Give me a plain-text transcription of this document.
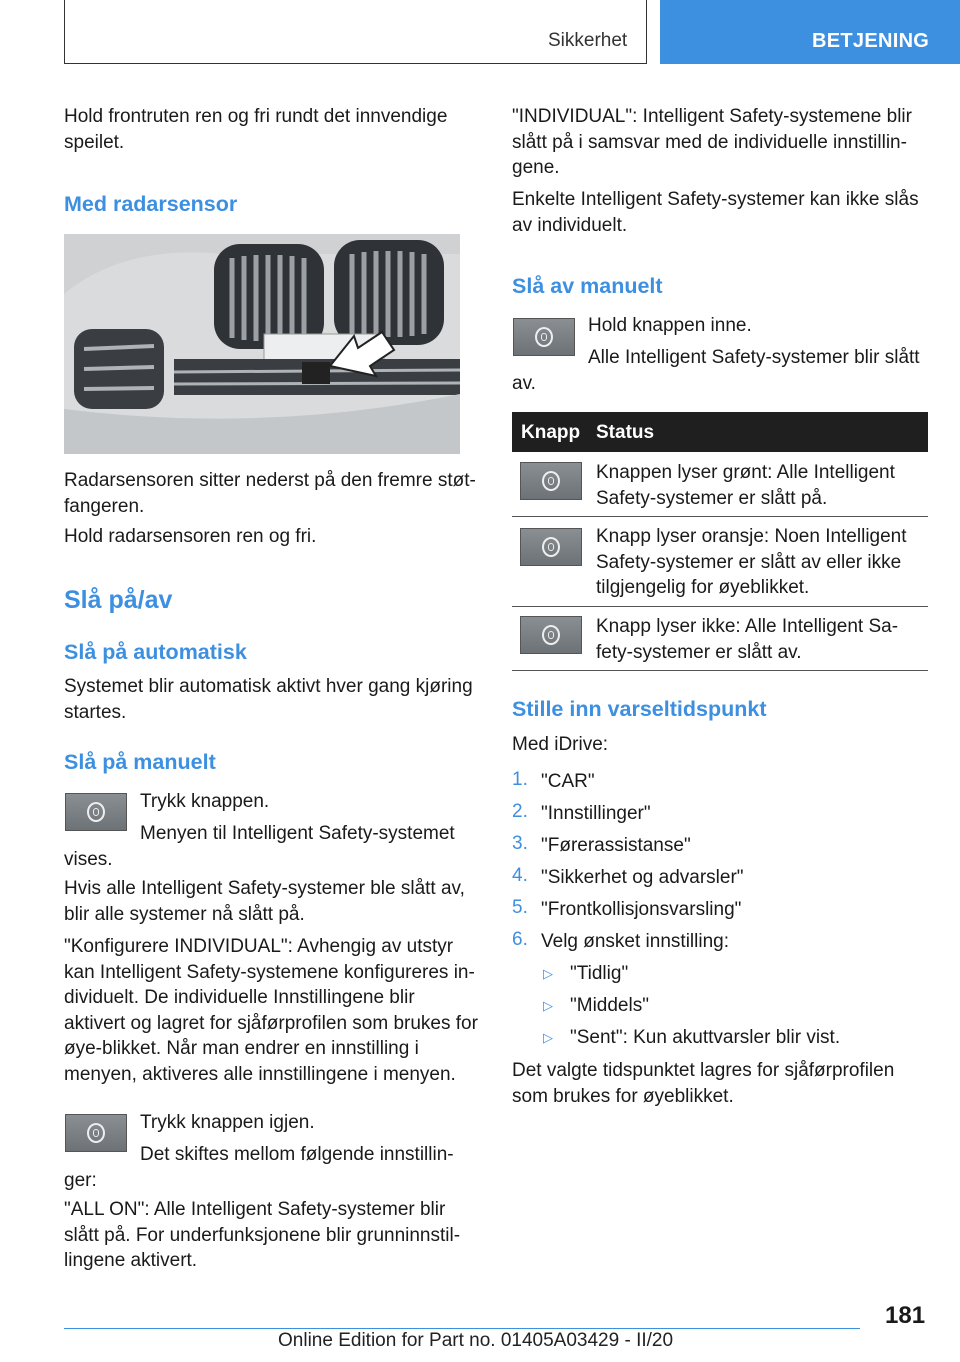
Sikkerhet	BETJENING

Hold frontruten ren og fri rundt det innvendige speilet.

Med radarsensor

Radarsensoren sitter nederst på den fremre støt-fangeren.

Hold radarsensoren ren og fri.

Slå på/av
Slå på automatisk

Systemet blir automatisk aktivt hver gang kjøring startes.

Slå på manuelt

Trykk knappen.

Menyen til Intelligent Safety-systemet vises.

Hvis alle Intelligent Safety-systemer ble slått av, blir alle systemer nå slått på.

"Konfigurere INDIVIDUAL": Avhengig av utstyr kan Intelligent Safety-systemene konfigureres in-dividuelt. De individuelle Innstillingene blir aktivert og lagret for sjåførprofilen som brukes for øye-blikket. Når man endrer en innstilling i menyen, aktiveres alle innstillingene i menyen.

Trykk knappen igjen.

Det skiftes mellom følgende innstillin-ger:

"ALL ON": Alle Intelligent Safety-systemer blir slått på. For underfunksjonene blir grunninnstil-lingene aktivert.

"INDIVIDUAL": Intelligent Safety-systemene blir slått på i samsvar med de individuelle innstillin-gene.

Enkelte Intelligent Safety-systemer kan ikke slås av individuelt.

Slå av manuelt

Hold knappen inne.

Alle Intelligent Safety-systemer blir slått av.

Knapp Status

Knappen lyser grønt: Alle Intelligent Safety-systemer er slått på.

Knapp lyser oransje: Noen Intelligent Safety-systemer er slått av eller ikke tilgjengelig for øyeblikket.

Knapp lyser ikke: Alle Intelligent Sa-fety-systemer er slått av.

Stille inn varseltidspunkt

Med iDrive:

1. "CAR"
2. "Innstillinger"
3. "Førerassistanse"
4. "Sikkerhet og advarsler"
5. "Frontkollisjonsvarsling"
6. Velg ønsket innstilling:
▷ "Tidlig"
▷ "Middels"
▷ "Sent": Kun akuttvarsler blir vist.

Det valgte tidspunktet lagres for sjåførprofilen som brukes for øyeblikket.

181
Online Edition for Part no. 01405A03429 - II/20
